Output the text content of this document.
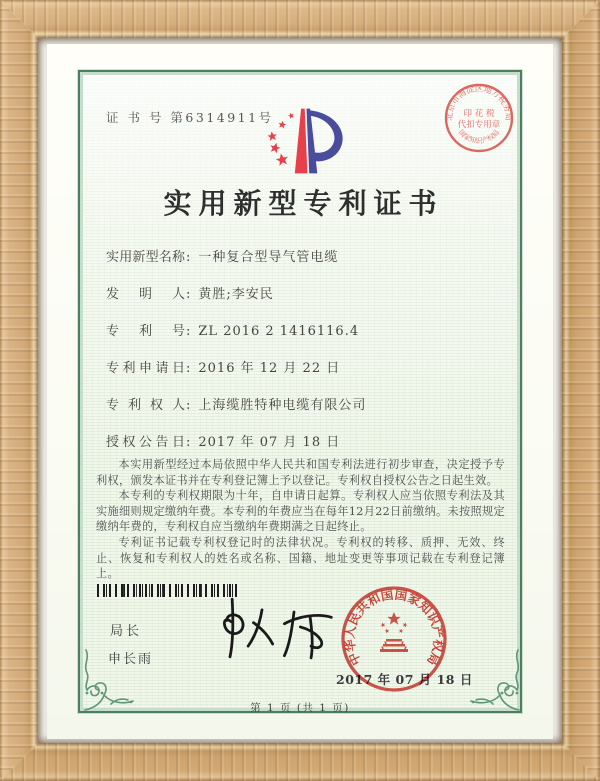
证 书 号 第6314911号	北京市海淀区地方税务局
国家知识产权局
印 花 税
代扣专用章
实用新型专利证书
实用新型名称: 一种复合型导气管电缆
发明人: 黄胜;李安民
专利号: ZL 2016 2 1416116.4
专利申请日: 2016 年 12 月 22 日
专利权人: 上海缆胜特种电缆有限公司
授权公告日: 2017 年 07 月 18 日

本实用新型经过本局依照中华人民共和国专利法进行初步审查，决定授予专利权，颁发本证书并在专利登记簿上予以登记。专利权自授权公告之日起生效。

本专利的专利权期限为十年，自申请日起算。专利权人应当依照专利法及其实施细则规定缴纳年费。本专利的年费应当在每年12月22日前缴纳。未按照规定缴纳年费的，专利权自应当缴纳年费期满之日起终止。

专利证书记载专利权登记时的法律状况。专利权的转移、质押、无效、终止、恢复和专利权人的姓名或名称、国籍、地址变更等事项记载在专利登记簿上。

局长
申长雨
2017 年 07 月 18 日
中华人民共和国国家知识产权局
第 1 页 (共 1 页)
